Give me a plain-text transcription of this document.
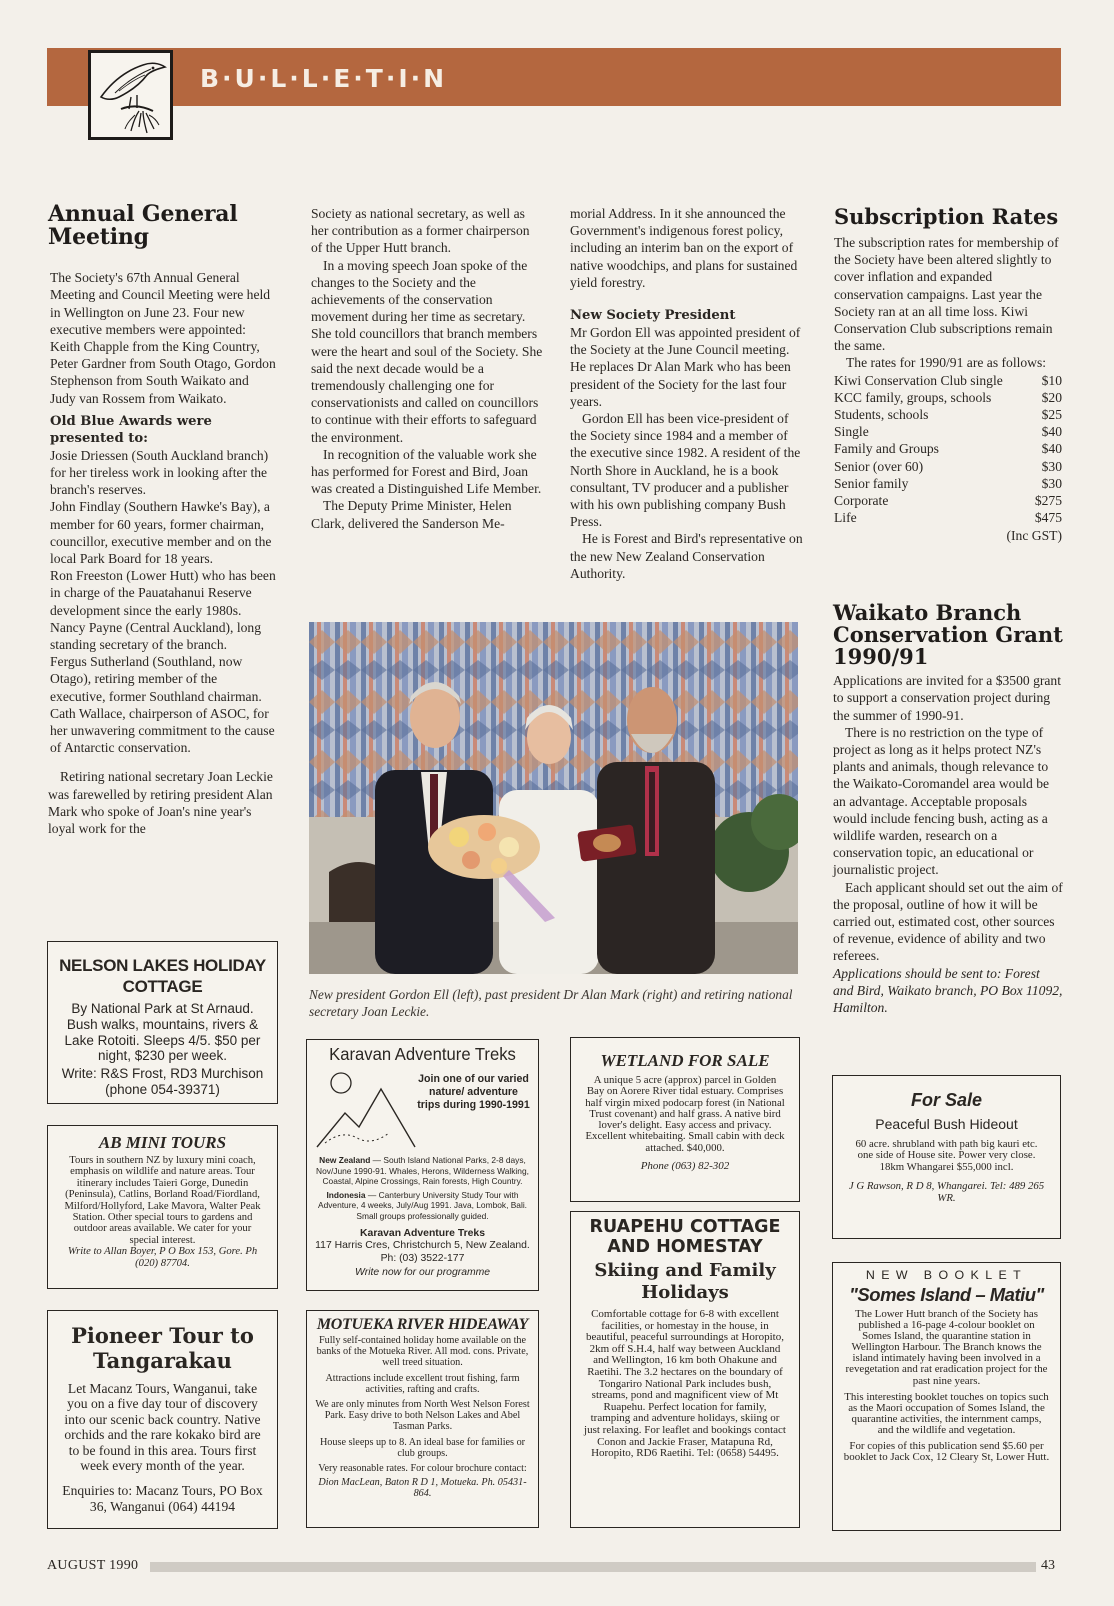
B·U·L·L·E·T·I·N
Annual General Meeting
The Society's 67th Annual General Meeting and Council Meeting were held in Wellington on June 23. Four new executive members were appointed: Keith Chapple from the King Country, Peter Gardner from South Otago, Gordon Stephenson from South Waikato and Judy van Rossem from Waikato.
Old Blue Awards were presented to:
Josie Driessen (South Auckland branch) for her tireless work in looking after the branch's reserves.
John Findlay (Southern Hawke's Bay), a member for 60 years, former chairman, councillor, executive member and on the local Park Board for 18 years.
Ron Freeston (Lower Hutt) who has been in charge of the Pauatahanui Reserve development since the early 1980s.
Nancy Payne (Central Auckland), long standing secretary of the branch.
Fergus Sutherland (Southland, now Otago), retiring member of the executive, former Southland chairman.
Cath Wallace, chairperson of ASOC, for her unwavering commitment to the cause of Antarctic conservation.
Retiring national secretary Joan Leckie was farewelled by retiring president Alan Mark who spoke of Joan's nine year's loyal work for the
Society as national secretary, as well as her contribution as a former chairperson of the Upper Hutt branch.
In a moving speech Joan spoke of the changes to the Society and the achievements of the conservation movement during her time as secretary. She told councillors that branch members were the heart and soul of the Society. She said the next decade would be a tremendously challenging one for conservationists and called on councillors to continue with their efforts to safeguard the environment.
In recognition of the valuable work she has performed for Forest and Bird, Joan was created a Distinguished Life Member.
The Deputy Prime Minister, Helen Clark, delivered the Sanderson Me-
morial Address. In it she announced the Government's indigenous forest policy, including an interim ban on the export of native woodchips, and plans for sustained yield forestry.
New Society President
Mr Gordon Ell was appointed president of the Society at the June Council meeting. He replaces Dr Alan Mark who has been president of the Society for the last four years.
Gordon Ell has been vice-president of the Society since 1984 and a member of the executive since 1982. A resident of the North Shore in Auckland, he is a book consultant, TV producer and a publisher with his own publishing company Bush Press.
He is Forest and Bird's representative on the new New Zealand Conservation Authority.
Subscription Rates
The subscription rates for membership of the Society have been altered slightly to cover inflation and expanded conservation campaigns. Last year the Society ran at an all time loss. Kiwi Conservation Club subscriptions remain the same.
The rates for 1990/91 are as follows:
Kiwi Conservation Club single	$10
KCC family, groups, schools	$20
Students, schools	$25
Single	$40
Family and Groups	$40
Senior (over 60)	$30
Senior family	$30
Corporate	$275
Life	$475
(Inc GST)
Waikato Branch Conservation Grant 1990/91
Applications are invited for a $3500 grant to support a conservation project during the summer of 1990-91.
There is no restriction on the type of project as long as it helps protect NZ's plants and animals, though relevance to the Waikato-Coromandel area would be an advantage. Acceptable proposals would include fencing bush, acting as a wildlife warden, research on a conservation topic, an educational or journalistic project.
Each applicant should set out the aim of the proposal, outline of how it will be carried out, estimated cost, other sources of revenue, evidence of ability and two referees.
Applications should be sent to: Forest and Bird, Waikato branch, PO Box 11092, Hamilton.
New president Gordon Ell (left), past president Dr Alan Mark (right) and retiring national secretary Joan Leckie.
NELSON LAKES HOLIDAY COTTAGE
By National Park at St Arnaud. Bush walks, mountains, rivers & Lake Rotoiti. Sleeps 4/5. $50 per night, $230 per week.
Write: R&S Frost, RD3 Murchison (phone 054-39371)
AB MINI TOURS
Tours in southern NZ by luxury mini coach, emphasis on wildlife and nature areas. Tour itinerary includes Taieri Gorge, Dunedin (Peninsula), Catlins, Borland Road/Fiordland, Milford/Hollyford, Lake Mavora, Walter Peak Station. Other special tours to gardens and outdoor areas available. We cater for your special interest.
Write to Allan Boyer, P O Box 153, Gore. Ph (020) 87704.
Pioneer Tour to Tangarakau
Let Macanz Tours, Wanganui, take you on a five day tour of discovery into our scenic back country. Native orchids and the rare kokako bird are to be found in this area. Tours first week every month of the year.
Enquiries to: Macanz Tours, PO Box 36, Wanganui (064) 44194
Karavan Adventure Treks
Join one of our varied nature/ adventure trips during 1990-1991
New Zealand — South Island National Parks, 2-8 days, Nov/June 1990-91. Whales, Herons, Wilderness Walking, Coastal, Alpine Crossings, Rain forests, High Country.
Indonesia — Canterbury University Study Tour with Adventure, 4 weeks, July/Aug 1991. Java, Lombok, Bali.
Small groups professionally guided.
Karavan Adventure Treks
117 Harris Cres, Christchurch 5, New Zealand. Ph: (03) 3522-177
Write now for our programme
MOTUEKA RIVER HIDEAWAY
Fully self-contained holiday home available on the banks of the Motueka River. All mod. cons. Private, well treed situation.
Attractions include excellent trout fishing, farm activities, rafting and crafts.
We are only minutes from North West Nelson Forest Park. Easy drive to both Nelson Lakes and Abel Tasman Parks.
House sleeps up to 8. An ideal base for families or club groups.
Very reasonable rates. For colour brochure contact:
Dion MacLean, Baton R D 1, Motueka. Ph. 05431-864.
WETLAND FOR SALE
A unique 5 acre (approx) parcel in Golden Bay on Aorere River tidal estuary. Comprises half virgin mixed podocarp forest (in National Trust covenant) and half grass. A native bird lover's delight. Easy access and privacy. Excellent whitebaiting. Small cabin with deck attached. $40,000.
Phone (063) 82-302
RUAPEHU COTTAGE AND HOMESTAY
Skiing and Family Holidays
Comfortable cottage for 6-8 with excellent facilities, or homestay in the house, in beautiful, peaceful surroundings at Horopito, 2km off S.H.4, half way between Auckland and Wellington, 16 km both Ohakune and Raetihi. The 3.2 hectares on the boundary of Tongariro National Park includes bush, streams, pond and magnificent view of Mt Ruapehu. Perfect location for family, tramping and adventure holidays, skiing or just relaxing. For leaflet and bookings contact Conon and Jackie Fraser, Matapuna Rd, Horopito, RD6 Raetihi. Tel: (0658) 54495.
For Sale
Peaceful Bush Hideout
60 acre. shrubland with path big kauri etc. one side of House site. Power very close. 18km Whangarei $55,000 incl.
J G Rawson, R D 8, Whangarei. Tel: 489 265 WR.
NEW BOOKLET
"Somes Island – Matiu"
The Lower Hutt branch of the Society has published a 16-page 4-colour booklet on Somes Island, the quarantine station in Wellington Harbour. The Branch knows the island intimately having been involved in a revegetation and rat eradication project for the past nine years.
This interesting booklet touches on topics such as the Maori occupation of Somes Island, the quarantine activities, the internment camps, and the wildlife and vegetation.
For copies of this publication send $5.60 per booklet to Jack Cox, 12 Cleary St, Lower Hutt.
AUGUST 1990	43
